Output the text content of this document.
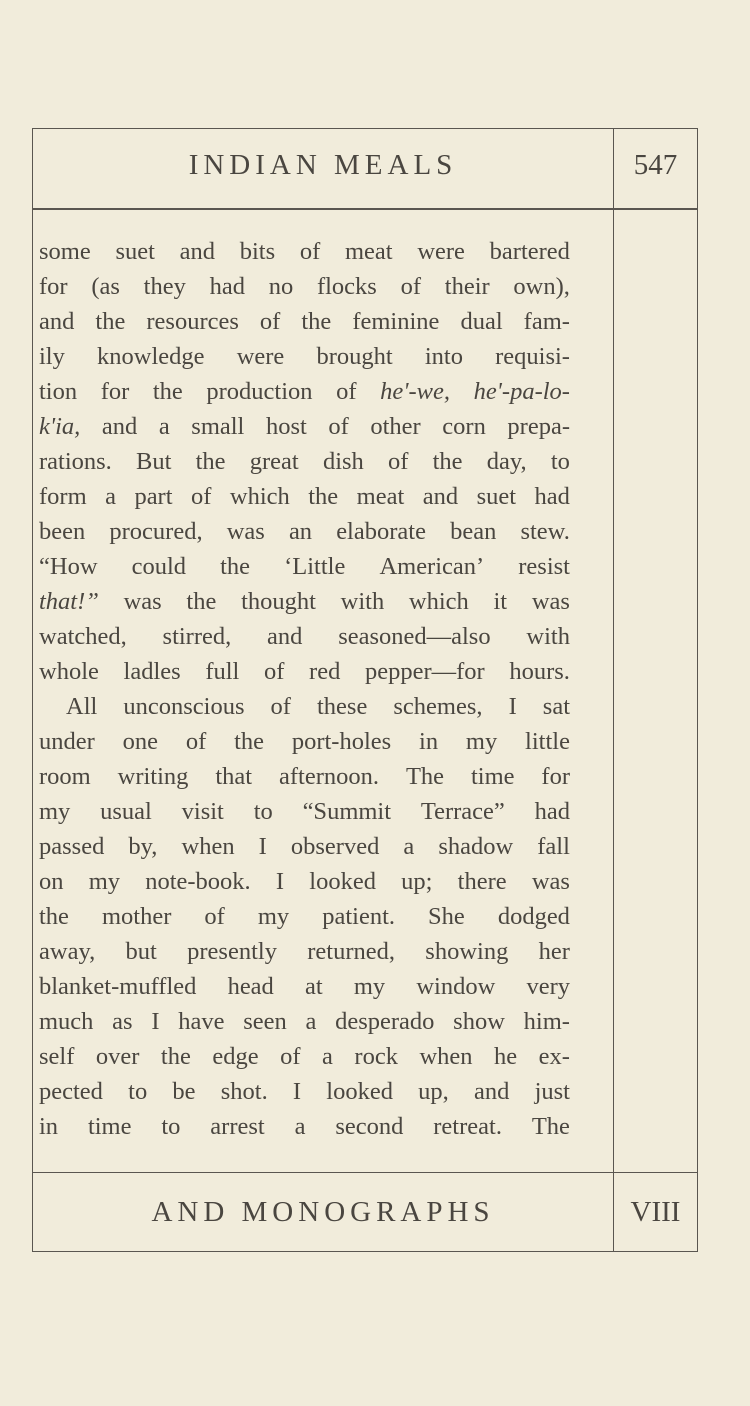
INDIAN MEALS	547
some suet and bits of meat were bartered
for (as they had no flocks of their own),
and the resources of the feminine dual fam-
ily knowledge were brought into requisi-
tion for the production of he'-we, he'-pa-lo-
k'ia, and a small host of other corn prepa-
rations. But the great dish of the day, to
form a part of which the meat and suet had
been procured, was an elaborate bean stew.
“How could the ‘Little American’ resist
that!” was the thought with which it was
watched, stirred, and seasoned—also with
whole ladles full of red pepper—for hours.
All unconscious of these schemes, I sat
under one of the port-holes in my little
room writing that afternoon. The time for
my usual visit to “Summit Terrace” had
passed by, when I observed a shadow fall
on my note-book. I looked up; there was
the mother of my patient. She dodged
away, but presently returned, showing her
blanket-muffled head at my window very
much as I have seen a desperado show him-
self over the edge of a rock when he ex-
pected to be shot. I looked up, and just
in time to arrest a second retreat. The
AND MONOGRAPHS	VIII
